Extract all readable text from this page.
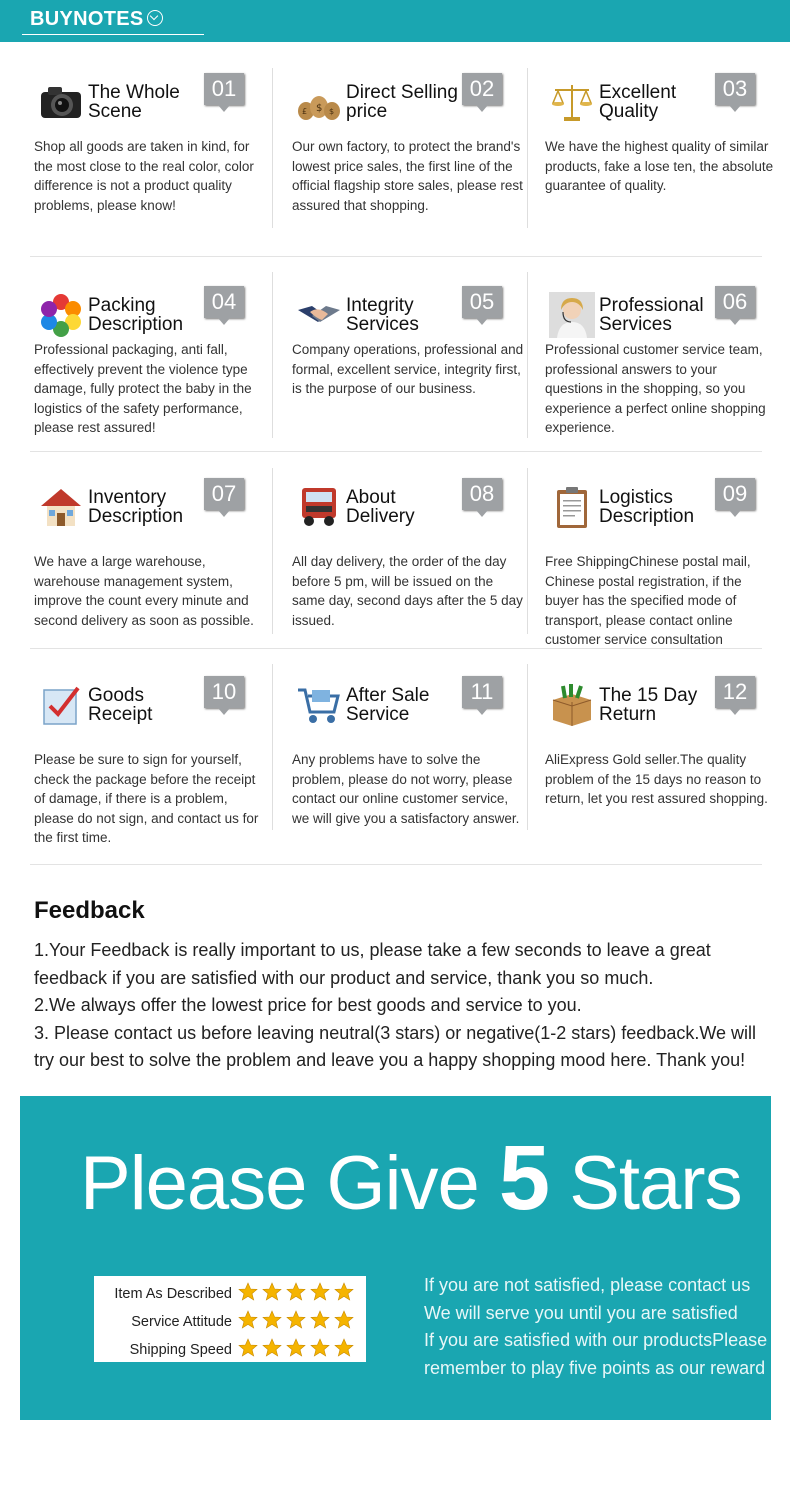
BUYNOTES
The Whole
Scene
01
Shop all goods are taken in kind, for the most close to the real color, color difference is not a product quality problems, please know!
$
£	$
Direct Selling
price
02
Our own factory, to protect the brand's lowest price sales, the first line of the official flagship store sales, please rest assured that shopping.
Excellent
Quality
03
We have the highest quality of similar products, fake a lose ten, the absolute guarantee of quality.
Packing
Description
04
Professional packaging, anti fall, effectively prevent the violence type damage, fully protect the baby in the logistics of the safety performance, please rest assured!
Integrity
Services
05
Company operations, professional and formal, excellent service, integrity first, is the purpose of our business.
Professional
Services
06
Professional customer service team, professional answers to your questions in the shopping, so you experience a perfect online shopping experience.
Inventory
Description
07
We have a large warehouse, warehouse management system, improve the count every minute and second delivery as soon as possible.
About
Delivery
08
All day delivery, the order of the day before 5 pm, will be issued on the same day, second days after the 5 day issued.
Logistics
Description
09
Free ShippingChinese postal mail, Chinese postal registration, if the buyer has the specified mode of transport, please contact online customer service consultation
Goods
Receipt
10
Please be sure to sign for yourself, check the package before the receipt of damage, if there is a problem, please do not sign, and contact us for the first time.
After Sale
Service
11
Any problems have to solve the problem, please do not worry, please contact our online customer service, we will give you a satisfactory answer.
The 15 Day
Return
12
AliExpress Gold seller.The quality problem of the 15 days no reason to return, let you rest assured shopping.
Feedback
1.Your Feedback is really important to us, please take a few seconds to leave a great feedback if you are satisfied with our product and service, thank you so much.
2.We always offer the lowest price for best goods and service to you.
3. Please contact us before leaving neutral(3 stars) or negative(1-2 stars) feedback.We will try our best to solve the problem and leave you a happy shopping mood here. Thank you!
Please Give 5 Stars
Item As Described
Service Attitude
Shipping Speed
If you are not satisfied, please contact us
We will serve you until you are satisfied
If you are satisfied with our productsPlease
remember to play five points as our reward
